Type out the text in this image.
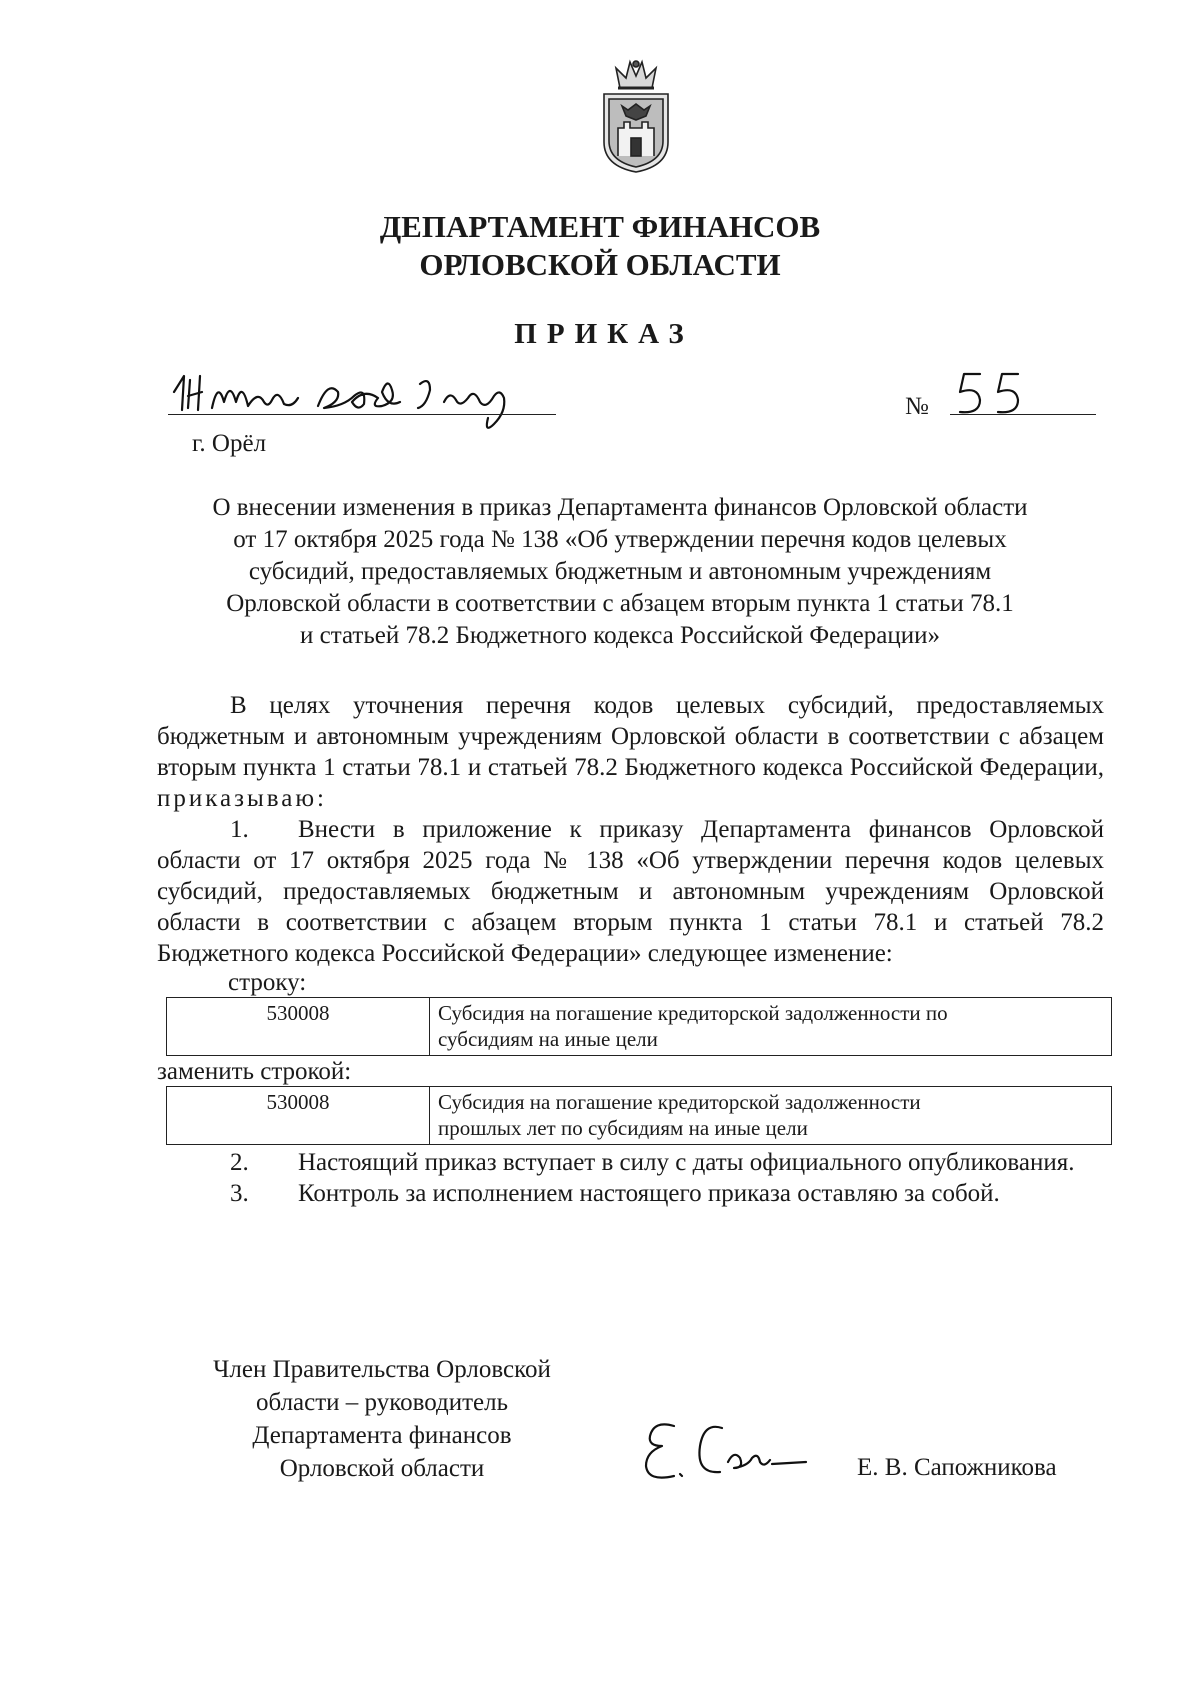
ДЕПАРТАМЕНТ ФИНАНСОВ
ОРЛОВСКОЙ ОБЛАСТИ
ПРИКАЗ
№
г. Орёл
О внесении изменения в приказ Департамента финансов Орловской области
от 17 октября 2025 года № 138 «Об утверждении перечня кодов целевых
субсидий, предоставляемых бюджетным и автономным учреждениям
Орловской области в соответствии с абзацем вторым пункта 1 статьи 78.1
и статьей 78.2 Бюджетного кодекса Российской Федерации»

В целях уточнения перечня кодов целевых субсидий, предоставляемых бюджетным и автономным учреждениям Орловской области в соответствии с абзацем вторым пункта 1 статьи 78.1 и статьей 78.2 Бюджетного кодекса Российской Федерации, приказываю:

1. Внести в приложение к приказу Департамента финансов Орловской области от 17 октября 2025 года № 138 «Об утверждении перечня кодов целевых субсидий, предоставляемых бюджетным и автономным учреждениям Орловской области в соответствии с абзацем вторым пункта 1 статьи 78.1 и статьей 78.2 Бюджетного кодекса Российской Федерации» следующее изменение:

строку:
530008	Субсидия на погашение кредиторской задолженности по
субсидиям на иные цели
заменить строкой:
530008	Субсидия на погашение кредиторской задолженности
прошлых лет по субсидиям на иные цели

2. Настоящий приказ вступает в силу с даты официального опубликования.

3. Контроль за исполнением настоящего приказа оставляю за собой.

Член Правительства Орловской
области – руководитель
Департамента финансов
Орловской области	Е. В. Сапожникова
